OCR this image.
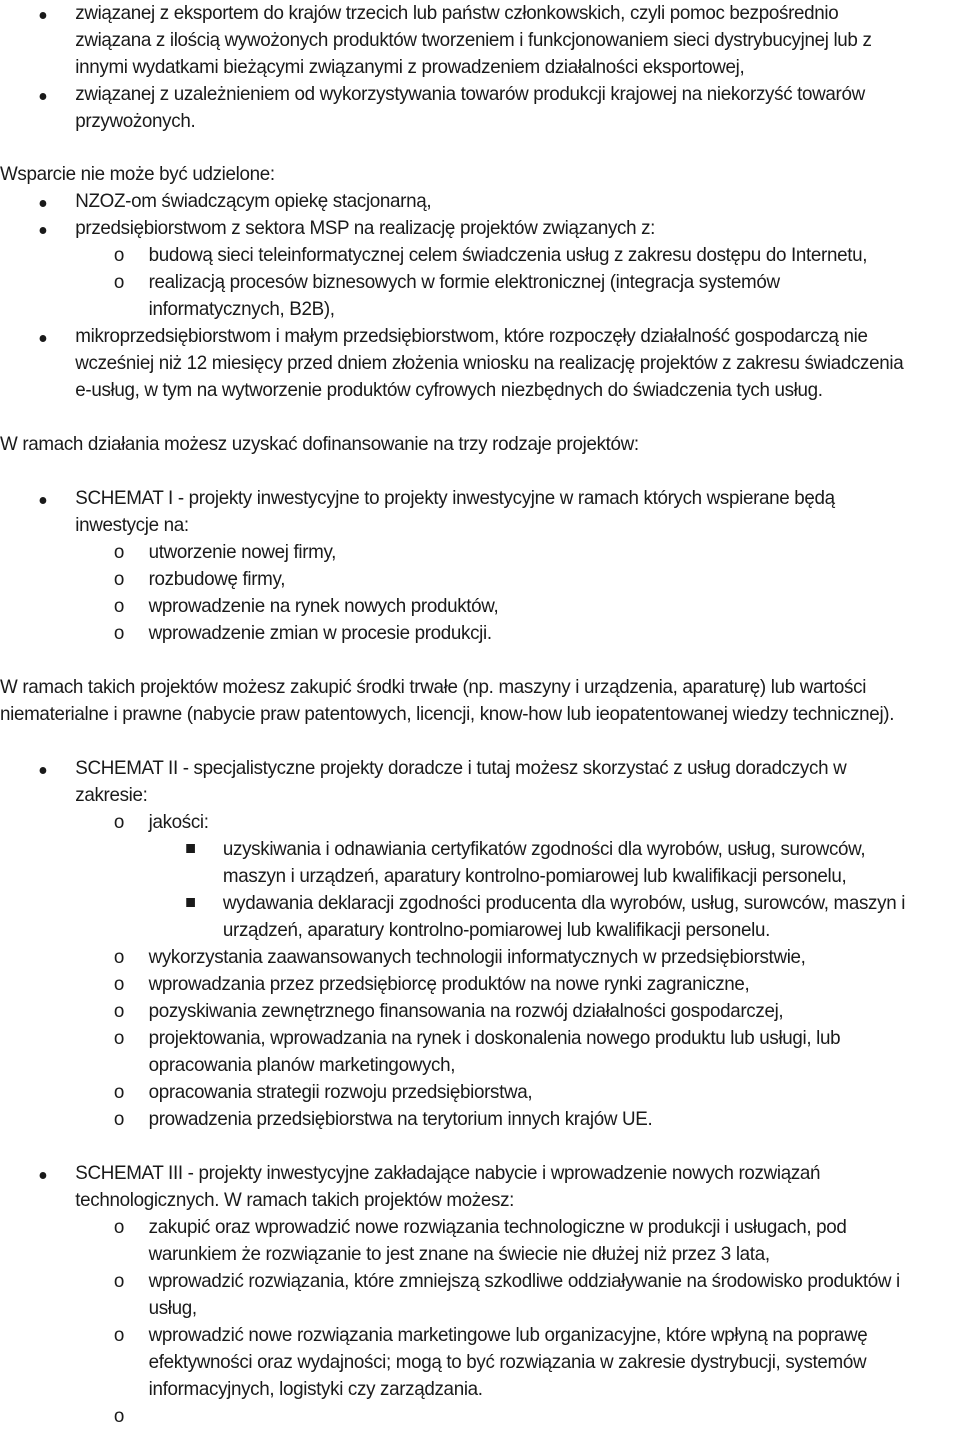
związanej z eksportem do krajów trzecich lub państw członkowskich, czyli pomoc bezpośrednio
związana z ilością wywożonych produktów tworzeniem i funkcjonowaniem sieci dystrybucyjnej lub z
innymi wydatkami bieżącymi związanymi z prowadzeniem działalności eksportowej,
związanej z uzależnieniem od wykorzystywania towarów produkcji krajowej na niekorzyść towarów
przywożonych.
Wsparcie nie może być udzielone:
NZOZ-om świadczącym opiekę stacjonarną,
przedsiębiorstwom z sektora MSP na realizację projektów związanych z:
o budową sieci teleinformatycznej celem świadczenia usług z zakresu dostępu do Internetu,
o realizacją procesów biznesowych w formie elektronicznej (integracja systemów
informatycznych, B2B),
mikroprzedsiębiorstwom i małym przedsiębiorstwom, które rozpoczęły działalność gospodarczą nie
wcześniej niż 12 miesięcy przed dniem złożenia wniosku na realizację projektów z zakresu świadczenia
e-usług, w tym na wytworzenie produktów cyfrowych niezbędnych do świadczenia tych usług.
W ramach działania możesz uzyskać dofinansowanie na trzy rodzaje projektów:
SCHEMAT I - projekty inwestycyjne to projekty inwestycyjne w ramach których wspierane będą
inwestycje na:
o utworzenie nowej firmy,
o rozbudowę firmy,
o wprowadzenie na rynek nowych produktów,
o wprowadzenie zmian w procesie produkcji.
W ramach takich projektów możesz zakupić środki trwałe (np. maszyny i urządzenia, aparaturę) lub wartości
niematerialne i prawne (nabycie praw patentowych, licencji, know-how lub ieopatentowanej wiedzy technicznej).
SCHEMAT II - specjalistyczne projekty doradcze i tutaj możesz skorzystać z usług doradczych w
zakresie:
o jakości:
uzyskiwania i odnawiania certyfikatów zgodności dla wyrobów, usług, surowców,
maszyn i urządzeń, aparatury kontrolno-pomiarowej lub kwalifikacji personelu,
wydawania deklaracji zgodności producenta dla wyrobów, usług, surowców, maszyn i
urządzeń, aparatury kontrolno-pomiarowej lub kwalifikacji personelu.
o wykorzystania zaawansowanych technologii informatycznych w przedsiębiorstwie,
o wprowadzania przez przedsiębiorcę produktów na nowe rynki zagraniczne,
o pozyskiwania zewnętrznego finansowania na rozwój działalności gospodarczej,
o projektowania, wprowadzania na rynek i doskonalenia nowego produktu lub usługi, lub
opracowania planów marketingowych,
o opracowania strategii rozwoju przedsiębiorstwa,
o prowadzenia przedsiębiorstwa na terytorium innych krajów UE.
SCHEMAT III - projekty inwestycyjne zakładające nabycie i wprowadzenie nowych rozwiązań
technologicznych. W ramach takich projektów możesz:
o zakupić oraz wprowadzić nowe rozwiązania technologiczne w produkcji i usługach, pod
warunkiem że rozwiązanie to jest znane na świecie nie dłużej niż przez 3 lata,
o wprowadzić rozwiązania, które zmniejszą szkodliwe oddziaływanie na środowisko produktów i
usług,
o wprowadzić nowe rozwiązania marketingowe lub organizacyjne, które wpłyną na poprawę
efektywności oraz wydajności; mogą to być rozwiązania w zakresie dystrybucji, systemów
informacyjnych, logistyki czy zarządzania.
o
